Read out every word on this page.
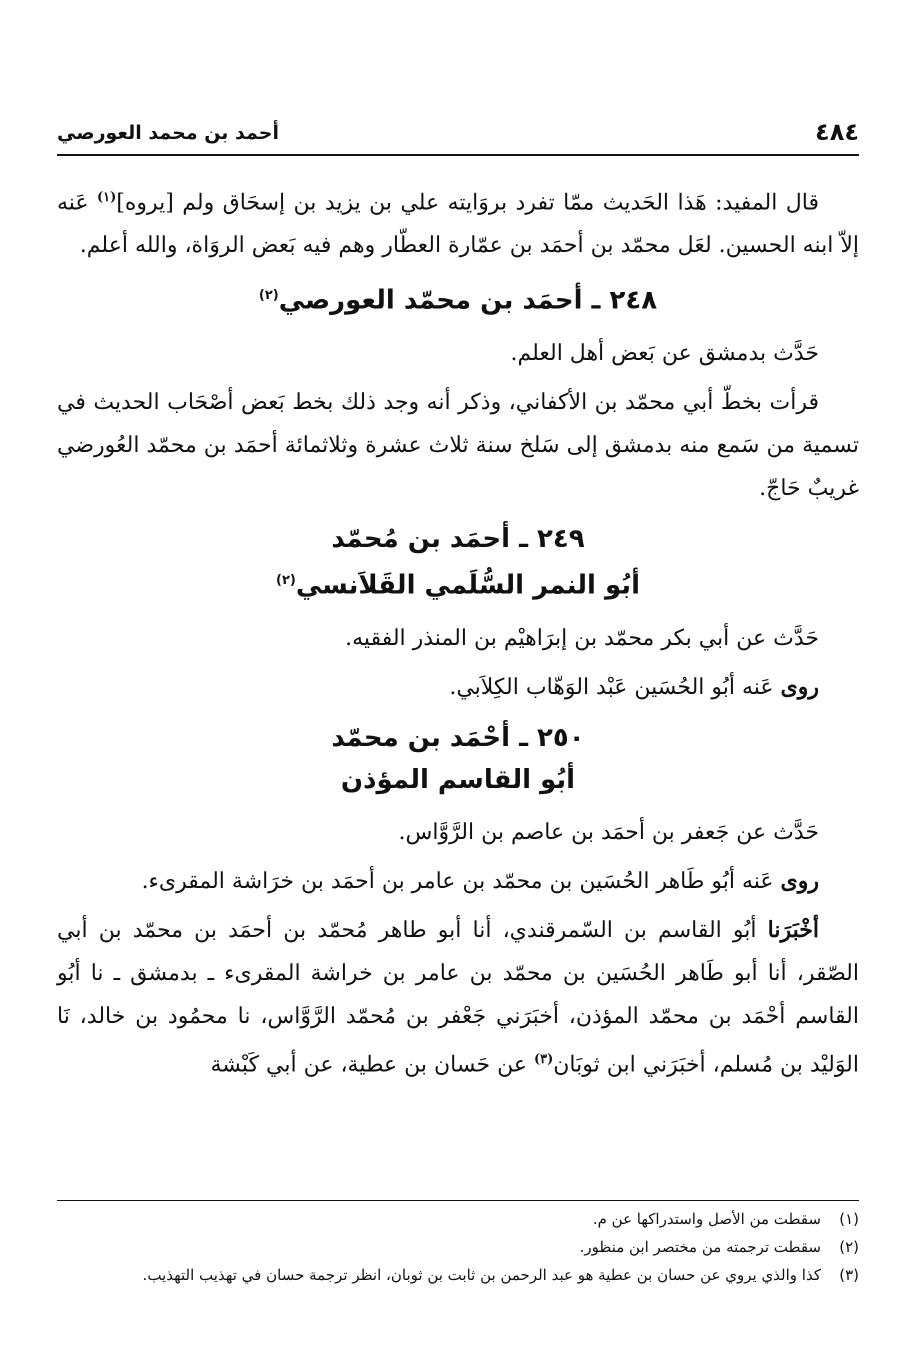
٤٨٤
أحمد بن محمد العورصي

قال المفيد: هَذا الحَديث ممّا تفرد بروَايته علي بن يزيد بن إسحَاق ولم [يروه]$^{(١)}$ عَنه إلاّ ابنه الحسين. لعَل محمّد بن أحمَد بن عمّارة العطّار وهم فيه بَعض الروَاة، والله أعلم.

٢٤٨ ـ أحمَد بن محمّد العورصي$^{(٢)}$

حَدَّث بدمشق عن بَعض أهل العلم.

قرأت بخطّ أبي محمّد بن الأكفاني، وذكر أنه وجد ذلك بخط بَعض أصْحَاب الحديث في تسمية من سَمع منه بدمشق إلى سَلخ سنة ثلاث عشرة وثلاثمائة أحمَد بن محمّد العُورضي غريبٌ حَاجّ.

٢٤٩ ـ أحمَد بن مُحمّد
أبُو النمر السُّلَمي القَلاَنسي$^{(٢)}$

حَدَّث عن أبي بكر محمّد بن إبرَاهيْم بن المنذر الفقيه.

روى عَنه أبُو الحُسَين عَبْد الوَهّاب الكِلاَبي.

٢٥٠ ـ أحْمَد بن محمّد
أبُو القاسم المؤذن

حَدَّث عن جَعفر بن أحمَد بن عاصم بن الرَّوَّاس.

روى عَنه أبُو طَاهر الحُسَين بن محمّد بن عامر بن أحمَد بن خرَاشة المقرىء.

أخْبَرَنا أبُو القاسم بن السّمرقندي، أنا أبو طاهر مُحمّد بن أحمَد بن محمّد بن أبي الصّقر، أنا أبو طَاهر الحُسَين بن محمّد بن عامر بن خراشة المقرىء ـ بدمشق ـ نا أبُو القاسم أحْمَد بن محمّد المؤذن، أخبَرَني جَعْفر بن مُحمّد الرَّوَّاس، نا محمُود بن خالد، نَا الوَليْد بن مُسلم، أخبَرَني ابن ثوبَان$^{(٣)}$ عن حَسان بن عطية، عن أبي كَبْشة

(١)
سقطت من الأصل واستدراكها عن م.
(٢)
سقطت ترجمته من مختصر ابن منظور.
(٣)
كذا والذي يروي عن حسان بن عطية هو عبد الرحمن بن ثابت بن ثوبان، انظر ترجمة حسان في تهذيب التهذيب.
